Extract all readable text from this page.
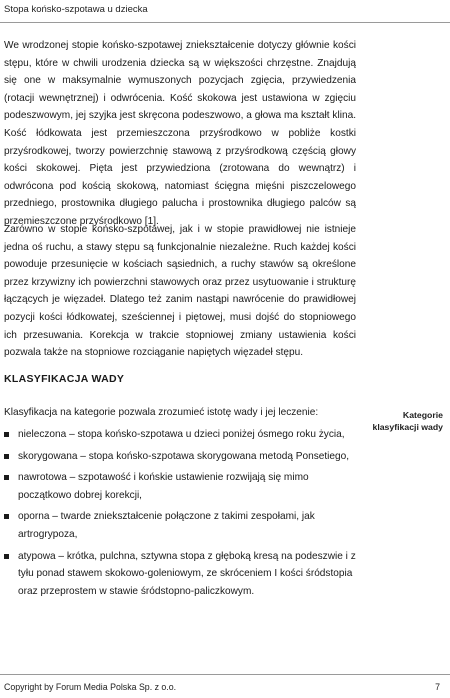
Stopa końsko-szpotawa u dziecka

We wrodzonej stopie końsko-szpotawej zniekształcenie dotyczy głównie kości stępu, które w chwili urodzenia dziecka są w większości chrzęstne. Znajdują się one w maksymalnie wymuszonych pozycjach zgięcia, przywiedzenia (rotacji wewnętrznej) i odwrócenia. Kość skokowa jest ustawiona w zgięciu podeszwowym, jej szyjka jest skręcona podeszwowo, a głowa ma kształt klina. Kość łódkowata jest przemieszczona przyśrodkowo w pobliże kostki przyśrodkowej, tworzy powierzchnię stawową z przyśrodkową częścią głowy kości skokowej. Pięta jest przywiedziona (zrotowana do wewnątrz) i odwrócona pod kością skokową, natomiast ścięgna mięśni piszczelowego przedniego, prostownika długiego palucha i prostownika długiego palców są przemieszczone przyśrodkowo [1].

Zarówno w stopie końsko-szpotawej, jak i w stopie prawidłowej nie istnieje jedna oś ruchu, a stawy stępu są funkcjonalnie niezależne. Ruch każdej kości powoduje przesunięcie w kościach sąsiednich, a ruchy stawów są określone przez krzywizny ich powierzchni stawowych oraz przez usytuowanie i strukturę łączących je więzadeł. Dlatego też zanim nastąpi nawrócenie do prawidłowej pozycji kości łódkowatej, sześciennej i piętowej, musi dojść do stopniowego ich przesuwania. Korekcja w trakcie stopniowej zmiany ustawienia kości pozwala także na stopniowe rozciąganie napiętych więzadeł stępu.

KLASYFIKACJA WADY

Klasyfikacja na kategorie pozwala zrozumieć istotę wady i jej leczenie:	Kategorie
klasyfikacji wady
nieleczona – stopa końsko-szpotawa u dzieci poniżej ósmego roku życia,
skorygowana – stopa końsko-szpotawa skorygowana metodą Ponsetiego,
nawrotowa – szpotawość i końskie ustawienie rozwijają się mimo początkowo dobrej korekcji,
oporna – twarde zniekształcenie połączone z takimi zespołami, jak artrogrypoza,
atypowa – krótka, pulchna, sztywna stopa z głęboką kresą na podeszwie i z tyłu ponad stawem skokowo-goleniowym, ze skróceniem I kości śródstopia oraz przeprostem w stawie śródstopno-paliczkowym.
Copyright by Forum Media Polska Sp. z o.o.	7
